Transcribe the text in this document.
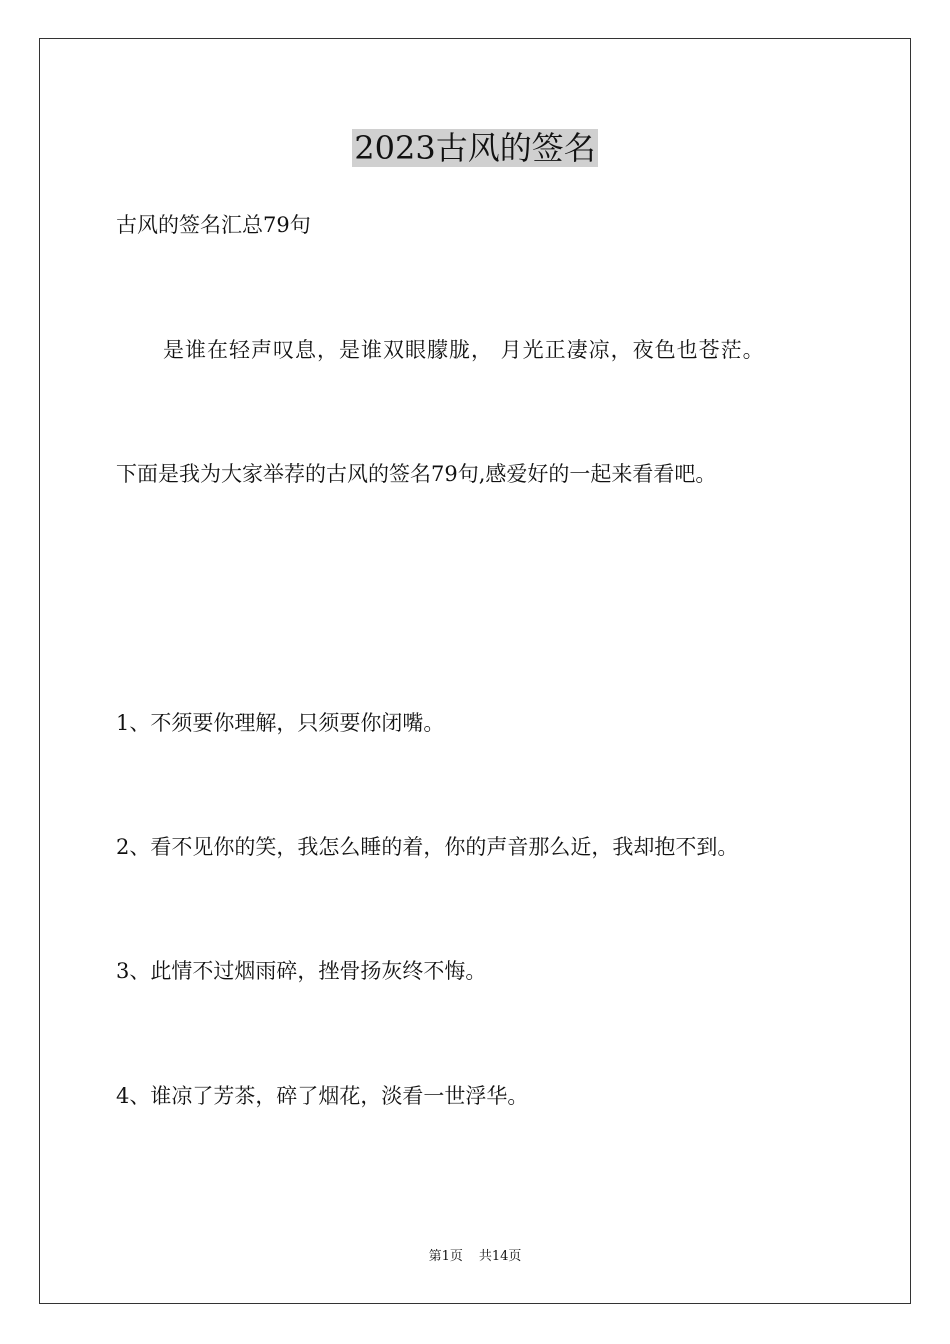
2023古风的签名
古风的签名汇总79句
是谁在轻声叹息，是谁双眼朦胧， 月光正凄凉，夜色也苍茫。
下面是我为大家举荐的古风的签名79句,感爱好的一起来看看吧。
1、不须要你理解，只须要你闭嘴。
2、看不见你的笑，我怎么睡的着，你的声音那么近，我却抱不到。
3、此情不过烟雨碎，挫骨扬灰终不悔。
4、谁凉了芳茶，碎了烟花，淡看一世浮华。
第1页 共14页
